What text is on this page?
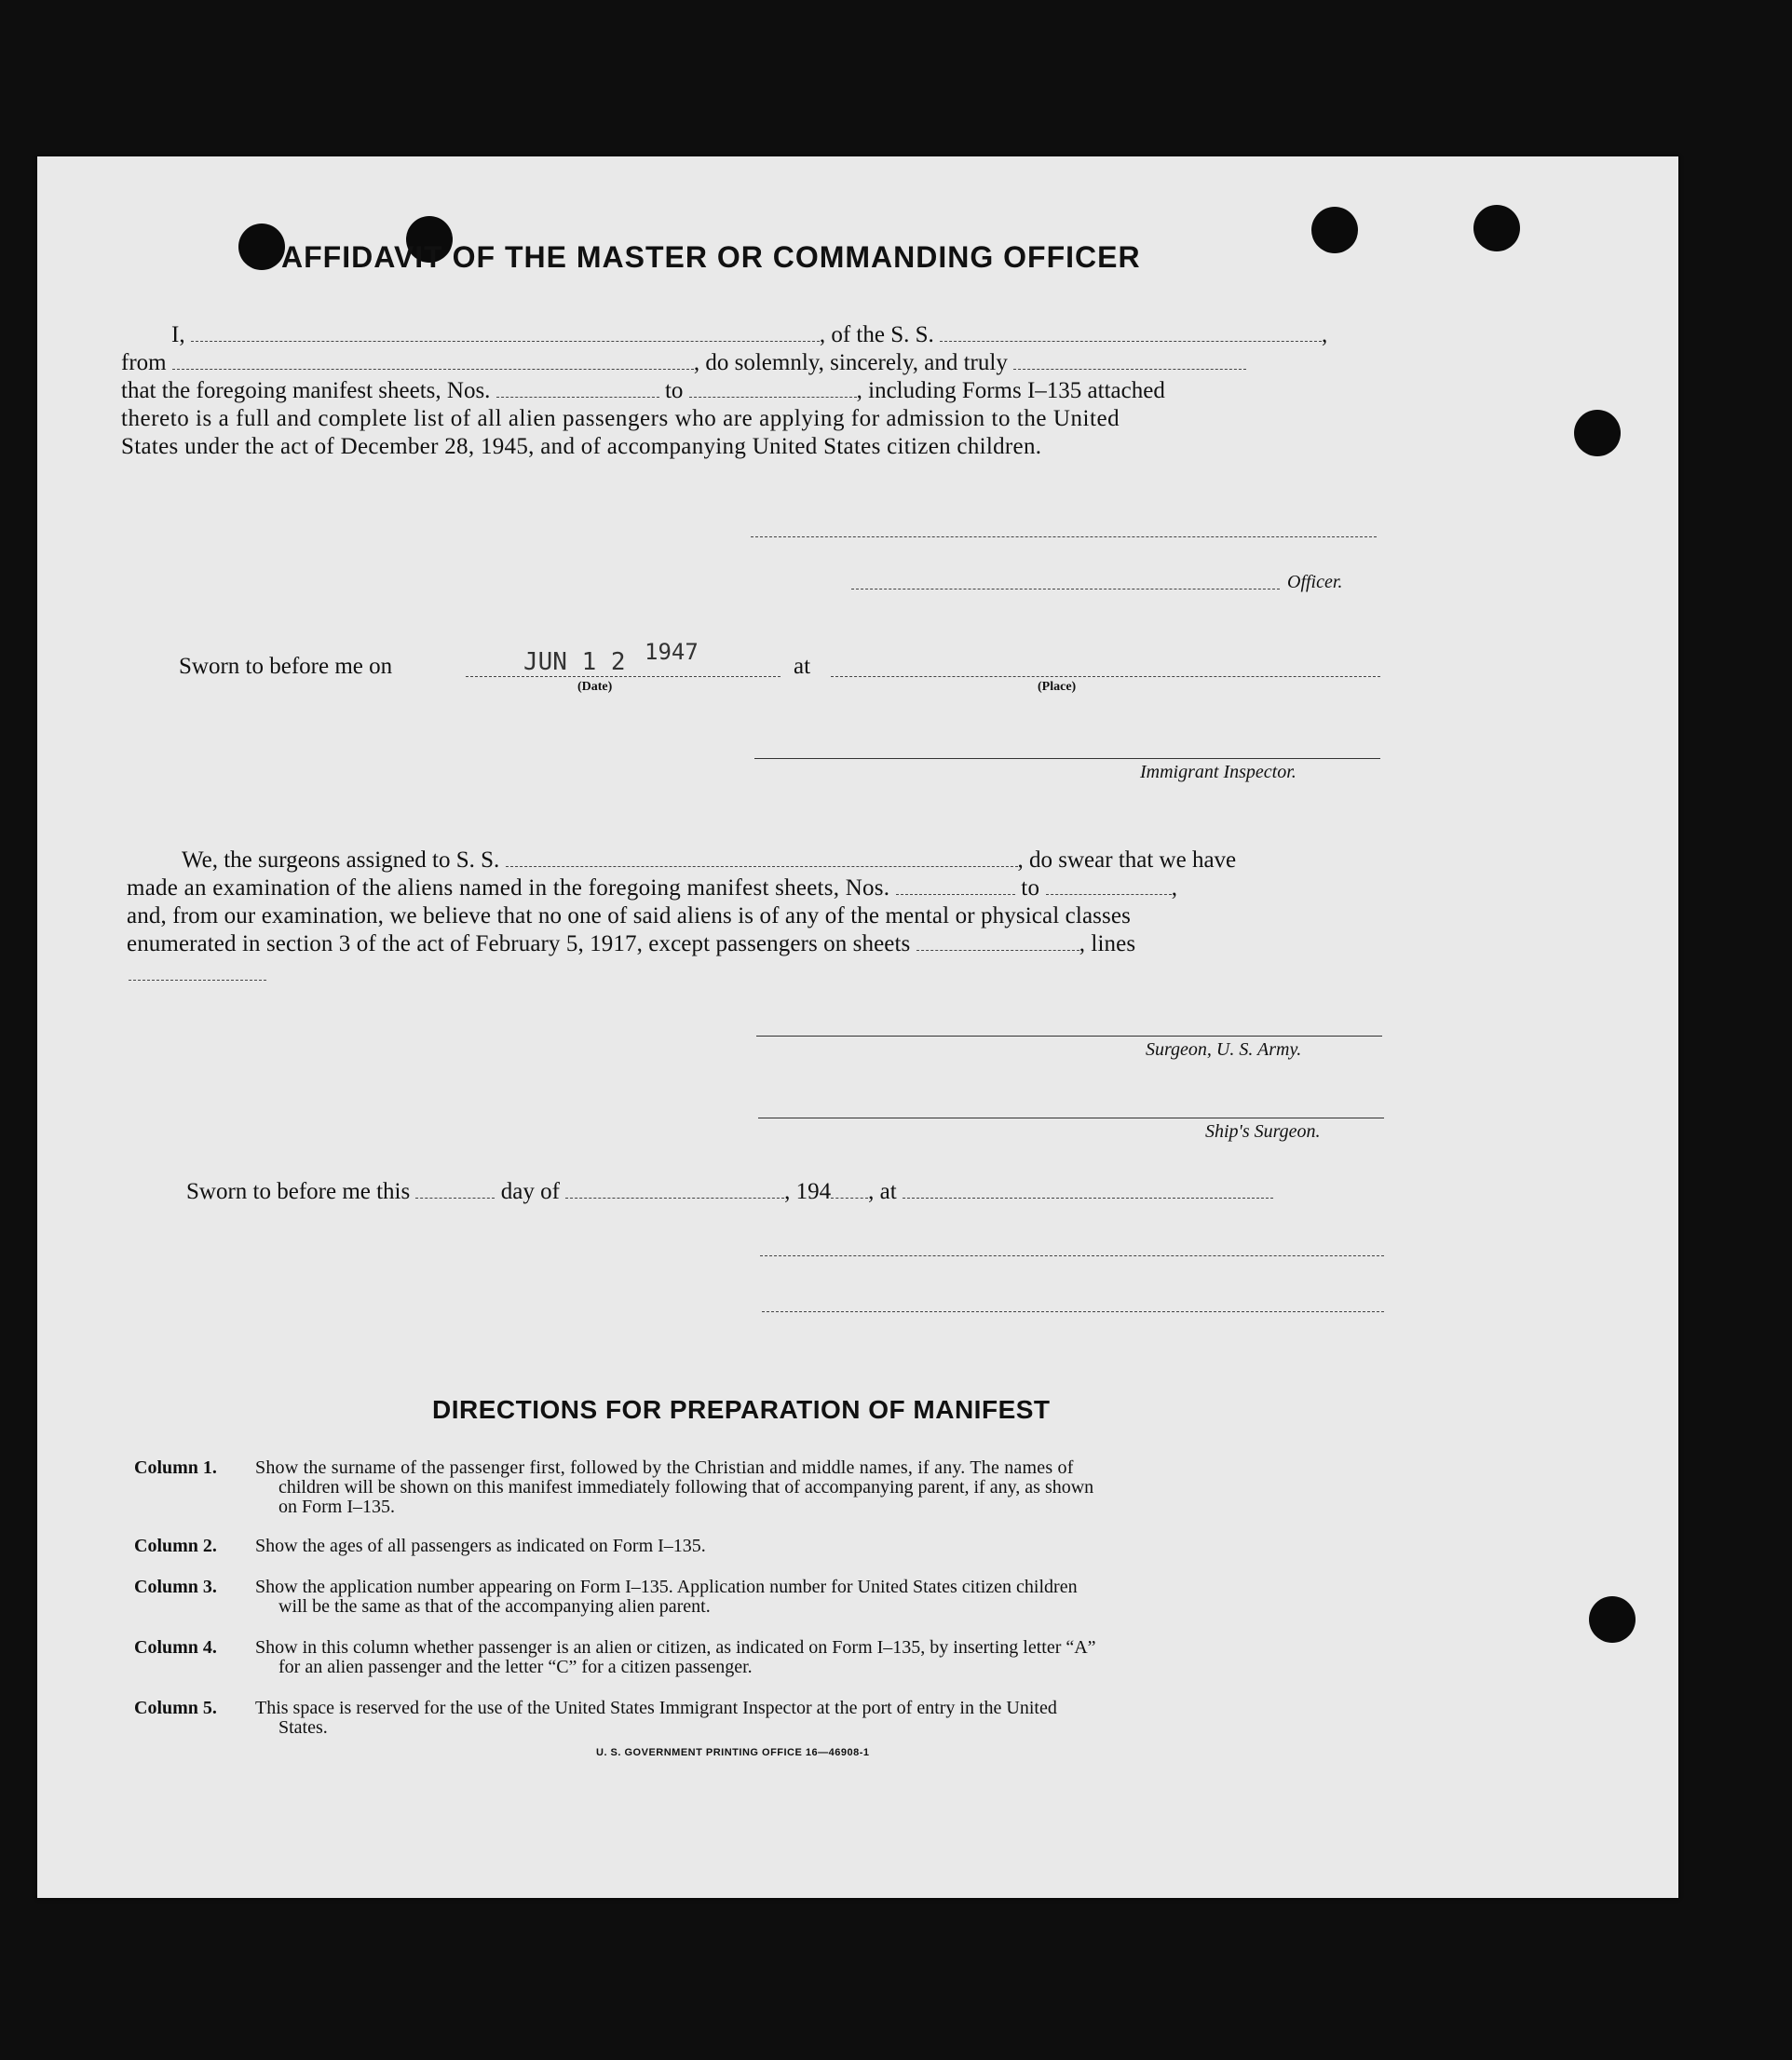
AFFIDAVIT OF THE MASTER OR COMMANDING OFFICER
I,	, of the S. S.	,
from	, do solemnly, sincerely, and truly
that the foregoing manifest sheets, Nos.	to	, including Forms I–135 attached
thereto is a full and complete list of all alien passengers who are applying for admission to the United
States under the act of December 28, 1945, and of accompanying United States citizen children.
Officer.
Sworn to before me on	JUN 1 2 1947
(Date)
at
(Place)
Immigrant Inspector.
We, the surgeons assigned to S. S.	, do swear that we have
made an examination of the aliens named in the foregoing manifest sheets, Nos.	to	,
and, from our examination, we believe that no one of said aliens is of any of the mental or physical classes
enumerated in section 3 of the act of February 5, 1917, except passengers on sheets	, lines
Surgeon, U. S. Army.
Ship's Surgeon.
Sworn to before me this	day of	, 194 , at
DIRECTIONS FOR PREPARATION OF MANIFEST
Column 1.	Show the surname of the passenger first, followed by the Christian and middle names, if any. The names of
children will be shown on this manifest immediately following that of accompanying parent, if any, as shown
on Form I–135.
Column 2.	Show the ages of all passengers as indicated on Form I–135.
Column 3.	Show the application number appearing on Form I–135. Application number for United States citizen children
will be the same as that of the accompanying alien parent.
Column 4.	Show in this column whether passenger is an alien or citizen, as indicated on Form I–135, by inserting letter “A”
for an alien passenger and the letter “C” for a citizen passenger.
Column 5.	This space is reserved for the use of the United States Immigrant Inspector at the port of entry in the United
States.
U. S. GOVERNMENT PRINTING OFFICE 16—46908-1
